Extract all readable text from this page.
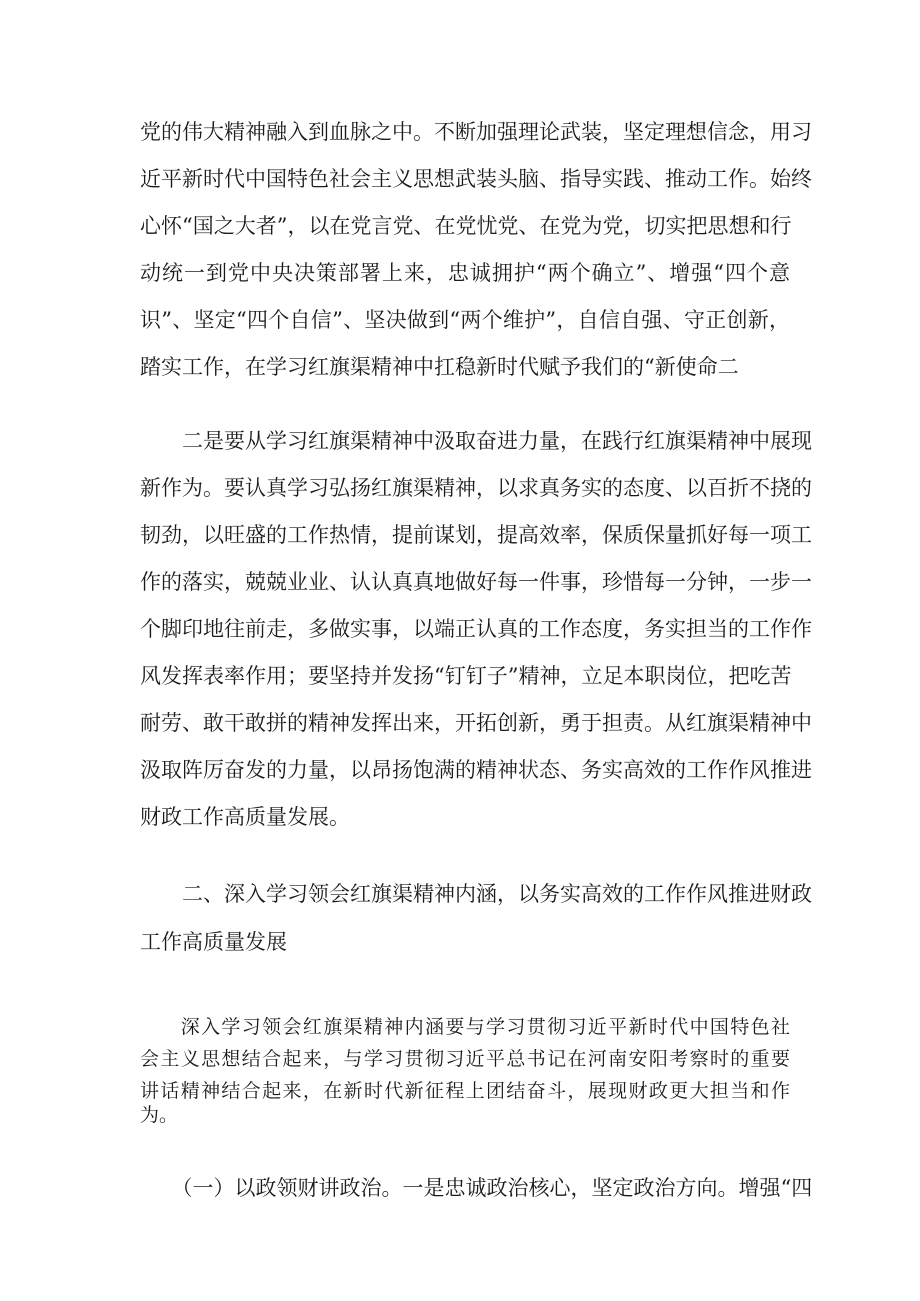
党的伟大精神融入到血脉之中。不断加强理论武装，坚定理想信念，用习
近平新时代中国特色社会主义思想武装头脑、指导实践、推动工作。始终
心怀“国之大者”，以在党言党、在党忧党、在党为党，切实把思想和行
动统一到党中央决策部署上来，忠诚拥护“两个确立”、增强“四个意
识”、坚定“四个自信”、坚决做到“两个维护”，自信自强、守正创新，
踏实工作，在学习红旗渠精神中扛稳新时代赋予我们的“新使命二
　　二是要从学习红旗渠精神中汲取奋进力量，在践行红旗渠精神中展现
新作为。要认真学习弘扬红旗渠精神，以求真务实的态度、以百折不挠的
韧劲，以旺盛的工作热情，提前谋划，提高效率，保质保量抓好每一项工
作的落实，兢兢业业、认认真真地做好每一件事，珍惜每一分钟，一步一
个脚印地往前走，多做实事，以端正认真的工作态度，务实担当的工作作
风发挥表率作用；要坚持并发扬“钉钉子”精神，立足本职岗位，把吃苦
耐劳、敢干敢拼的精神发挥出来，开拓创新，勇于担责。从红旗渠精神中
汲取阵厉奋发的力量，以昂扬饱满的精神状态、务实高效的工作作风推进
财政工作高质量发展。
　　二、深入学习领会红旗渠精神内涵，以务实高效的工作作风推进财政
工作高质量发展
　　深入学习领会红旗渠精神内涵要与学习贯彻习近平新时代中国特色社
会主义思想结合起来，与学习贯彻习近平总书记在河南安阳考察时的重要
讲话精神结合起来，在新时代新征程上团结奋斗，展现财政更大担当和作
为。
　　（一）以政领财讲政治。一是忠诚政治核心，坚定政治方向。增强“四
